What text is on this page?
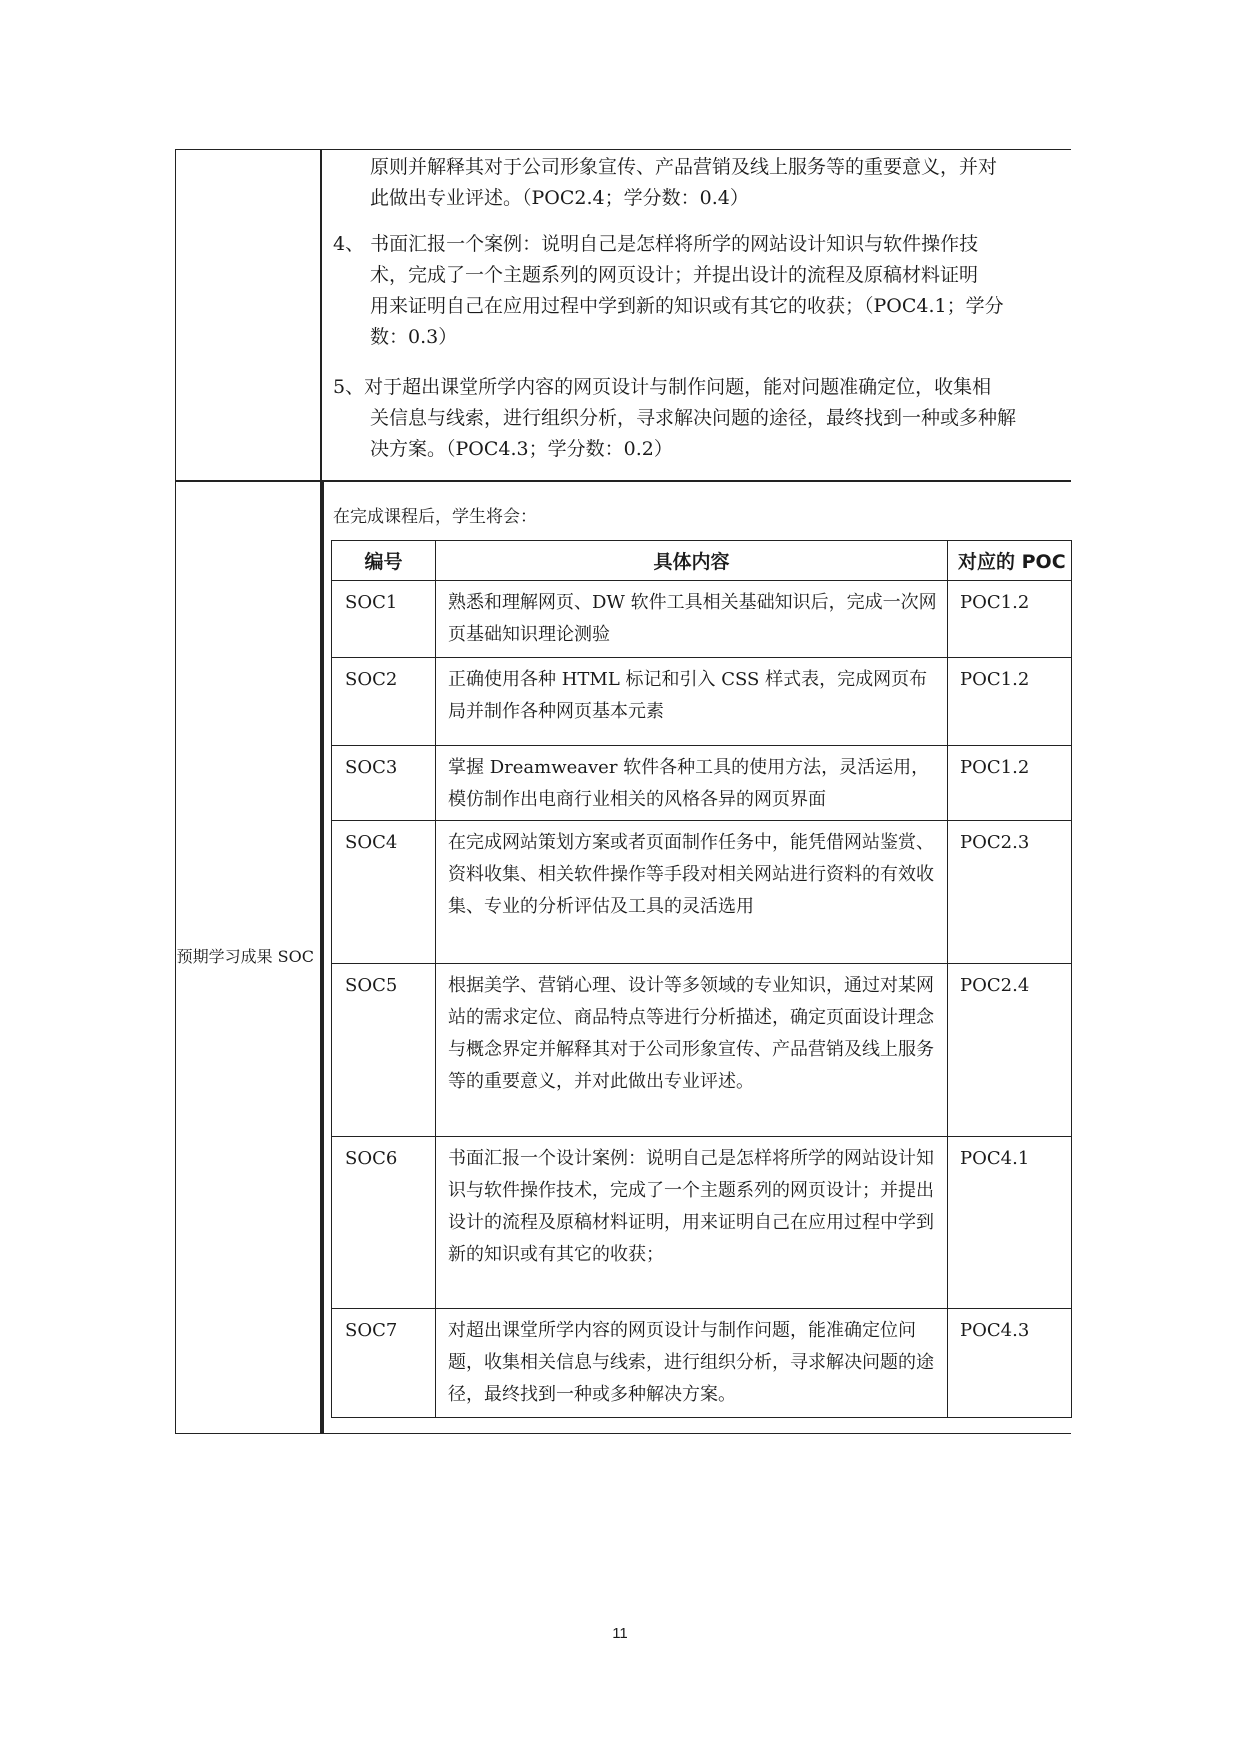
原则并解释其对于公司形象宣传、产品营销及线上服务等的重要意义，并对
此做出专业评述。（POC2.4；学分数：0.4）
4、 书面汇报一个案例：说明自己是怎样将所学的网站设计知识与软件操作技
术，完成了一个主题系列的网页设计；并提出设计的流程及原稿材料证明
用来证明自己在应用过程中学到新的知识或有其它的收获；（POC4.1；学分
数：0.3）
5、对于超出课堂所学内容的网页设计与制作问题，能对问题准确定位，收集相
关信息与线索，进行组织分析，寻求解决问题的途径，最终找到一种或多种解
决方案。（POC4.3；学分数：0.2）
预期学习成果 SOC
在完成课程后，学生将会：
编号	具体内容	对应的 POC

SOC1	熟悉和理解网页、DW 软件工具相关基础知识后，完成一次网页基础知识理论测验	POC1.2
SOC2	正确使用各种 HTML 标记和引入 CSS 样式表，完成网页布局并制作各种网页基本元素	POC1.2
SOC3	掌握 Dreamweaver 软件各种工具的使用方法，灵活运用，模仿制作出电商行业相关的风格各异的网页界面	POC1.2
SOC4	在完成网站策划方案或者页面制作任务中，能凭借网站鉴赏、资料收集、相关软件操作等手段对相关网站进行资料的有效收集、专业的分析评估及工具的灵活选用	POC2.3
SOC5	根据美学、营销心理、设计等多领域的专业知识，通过对某网站的需求定位、商品特点等进行分析描述，确定页面设计理念与概念界定并解释其对于公司形象宣传、产品营销及线上服务等的重要意义，并对此做出专业评述。	POC2.4
SOC6	书面汇报一个设计案例：说明自己是怎样将所学的网站设计知识与软件操作技术，完成了一个主题系列的网页设计；并提出设计的流程及原稿材料证明，用来证明自己在应用过程中学到新的知识或有其它的收获；	POC4.1
SOC7	对超出课堂所学内容的网页设计与制作问题，能准确定位问题，收集相关信息与线索，进行组织分析，寻求解决问题的途径，最终找到一种或多种解决方案。	POC4.3
11
